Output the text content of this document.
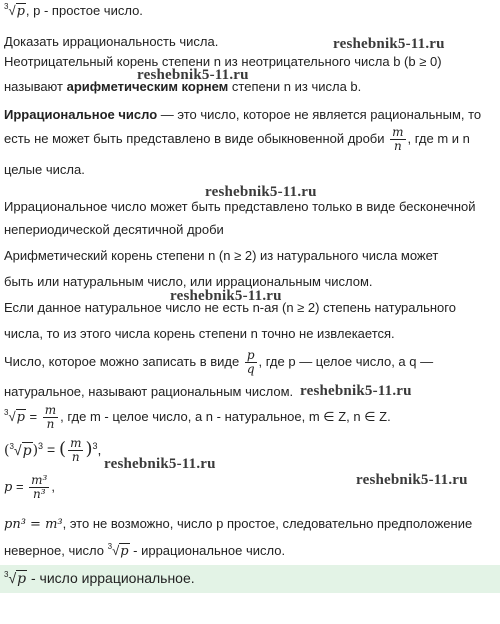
reshebnik5-11.ru
reshebnik5-11.ru
reshebnik5-11.ru
reshebnik5-11.ru
reshebnik5-11.ru
reshebnik5-11.ru
reshebnik5-11.ru
$^3$√p, p - простое число.
Доказать иррациональность числа.
Неотрицательный корень степени n из неотрицательного числа b (b ≥ 0)
называют арифметическим корнем степени n из числа b.
Иррациональное число — это число, которое не является рациональным, то
есть не может быть представлено в виде обыкновенной дроби $\frac{m}{n}$ , где m и n
целые числа.
Иррациональное число может быть представлено только в виде бесконечной
непериодической десятичной дроби
Арифметический корень степени n (n ≥ 2) из натурального числа может
быть или натуральным число, или иррациональным числом.
Если данное натуральное число не есть n-ая (n ≥ 2) степень натурального
числа, то из этого числа корень степени n точно не извлекается.
Число, которое можно записать в виде $\frac{p}{q}$ , где p — целое число, а q —
натуральное, называют рациональным числом.
$^3√p = \frac{m}{n}$ , где m - целое число, а n - натуральное, m ∈ Z, n ∈ Z.
$(^3√p)^3$ = ( $\frac{m}{n} )^3$,
$p = \frac{\text{m³}}{\text{n³}}$ ,
pn³ = m³, это не возможно, число p простое, следовательно предположение
неверное, число $^3$√p - иррациональное число.
$^3$√p - число иррациональное.
